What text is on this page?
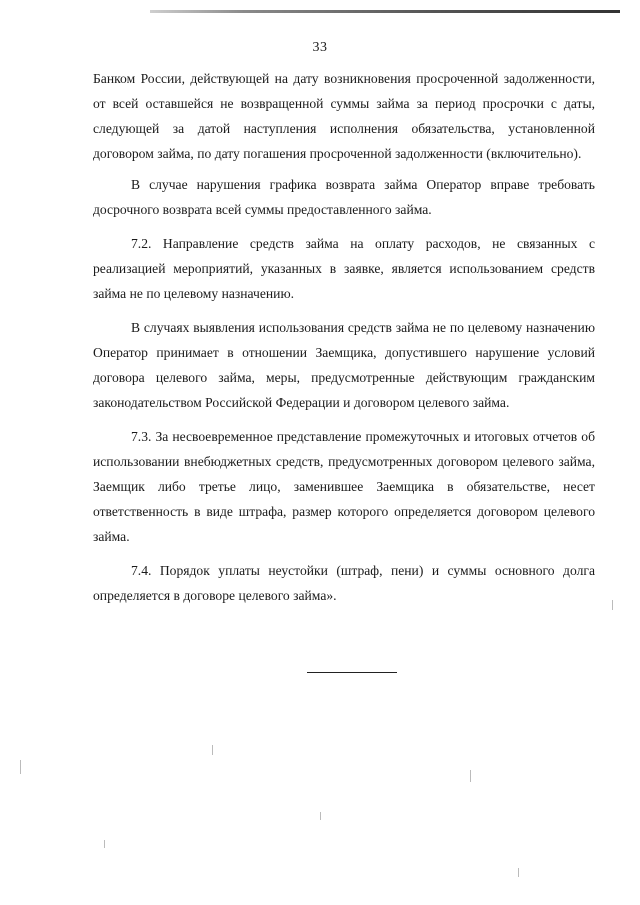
33

Банком России, действующей на дату возникновения просроченной задолженности, от всей оставшейся не возвращенной суммы займа за период просрочки с даты, следующей за датой наступления исполнения обязательства, установленной договором займа, по дату погашения просроченной задолженности (включительно).

В случае нарушения графика возврата займа Оператор вправе требовать досрочного возврата всей суммы предоставленного займа.

7.2. Направление средств займа на оплату расходов, не связанных с реализацией мероприятий, указанных в заявке, является использованием средств займа не по целевому назначению.

В случаях выявления использования средств займа не по целевому назначению Оператор принимает в отношении Заемщика, допустившего нарушение условий договора целевого займа, меры, предусмотренные действующим гражданским законодательством Российской Федерации и договором целевого займа.

7.3. За несвоевременное представление промежуточных и итоговых отчетов об использовании внебюджетных средств, предусмотренных договором целевого займа, Заемщик либо третье лицо, заменившее Заемщика в обязательстве, несет ответственность в виде штрафа, размер которого определяется договором целевого займа.

7.4. Порядок уплаты неустойки (штраф, пени) и суммы основного долга определяется в договоре целевого займа».
